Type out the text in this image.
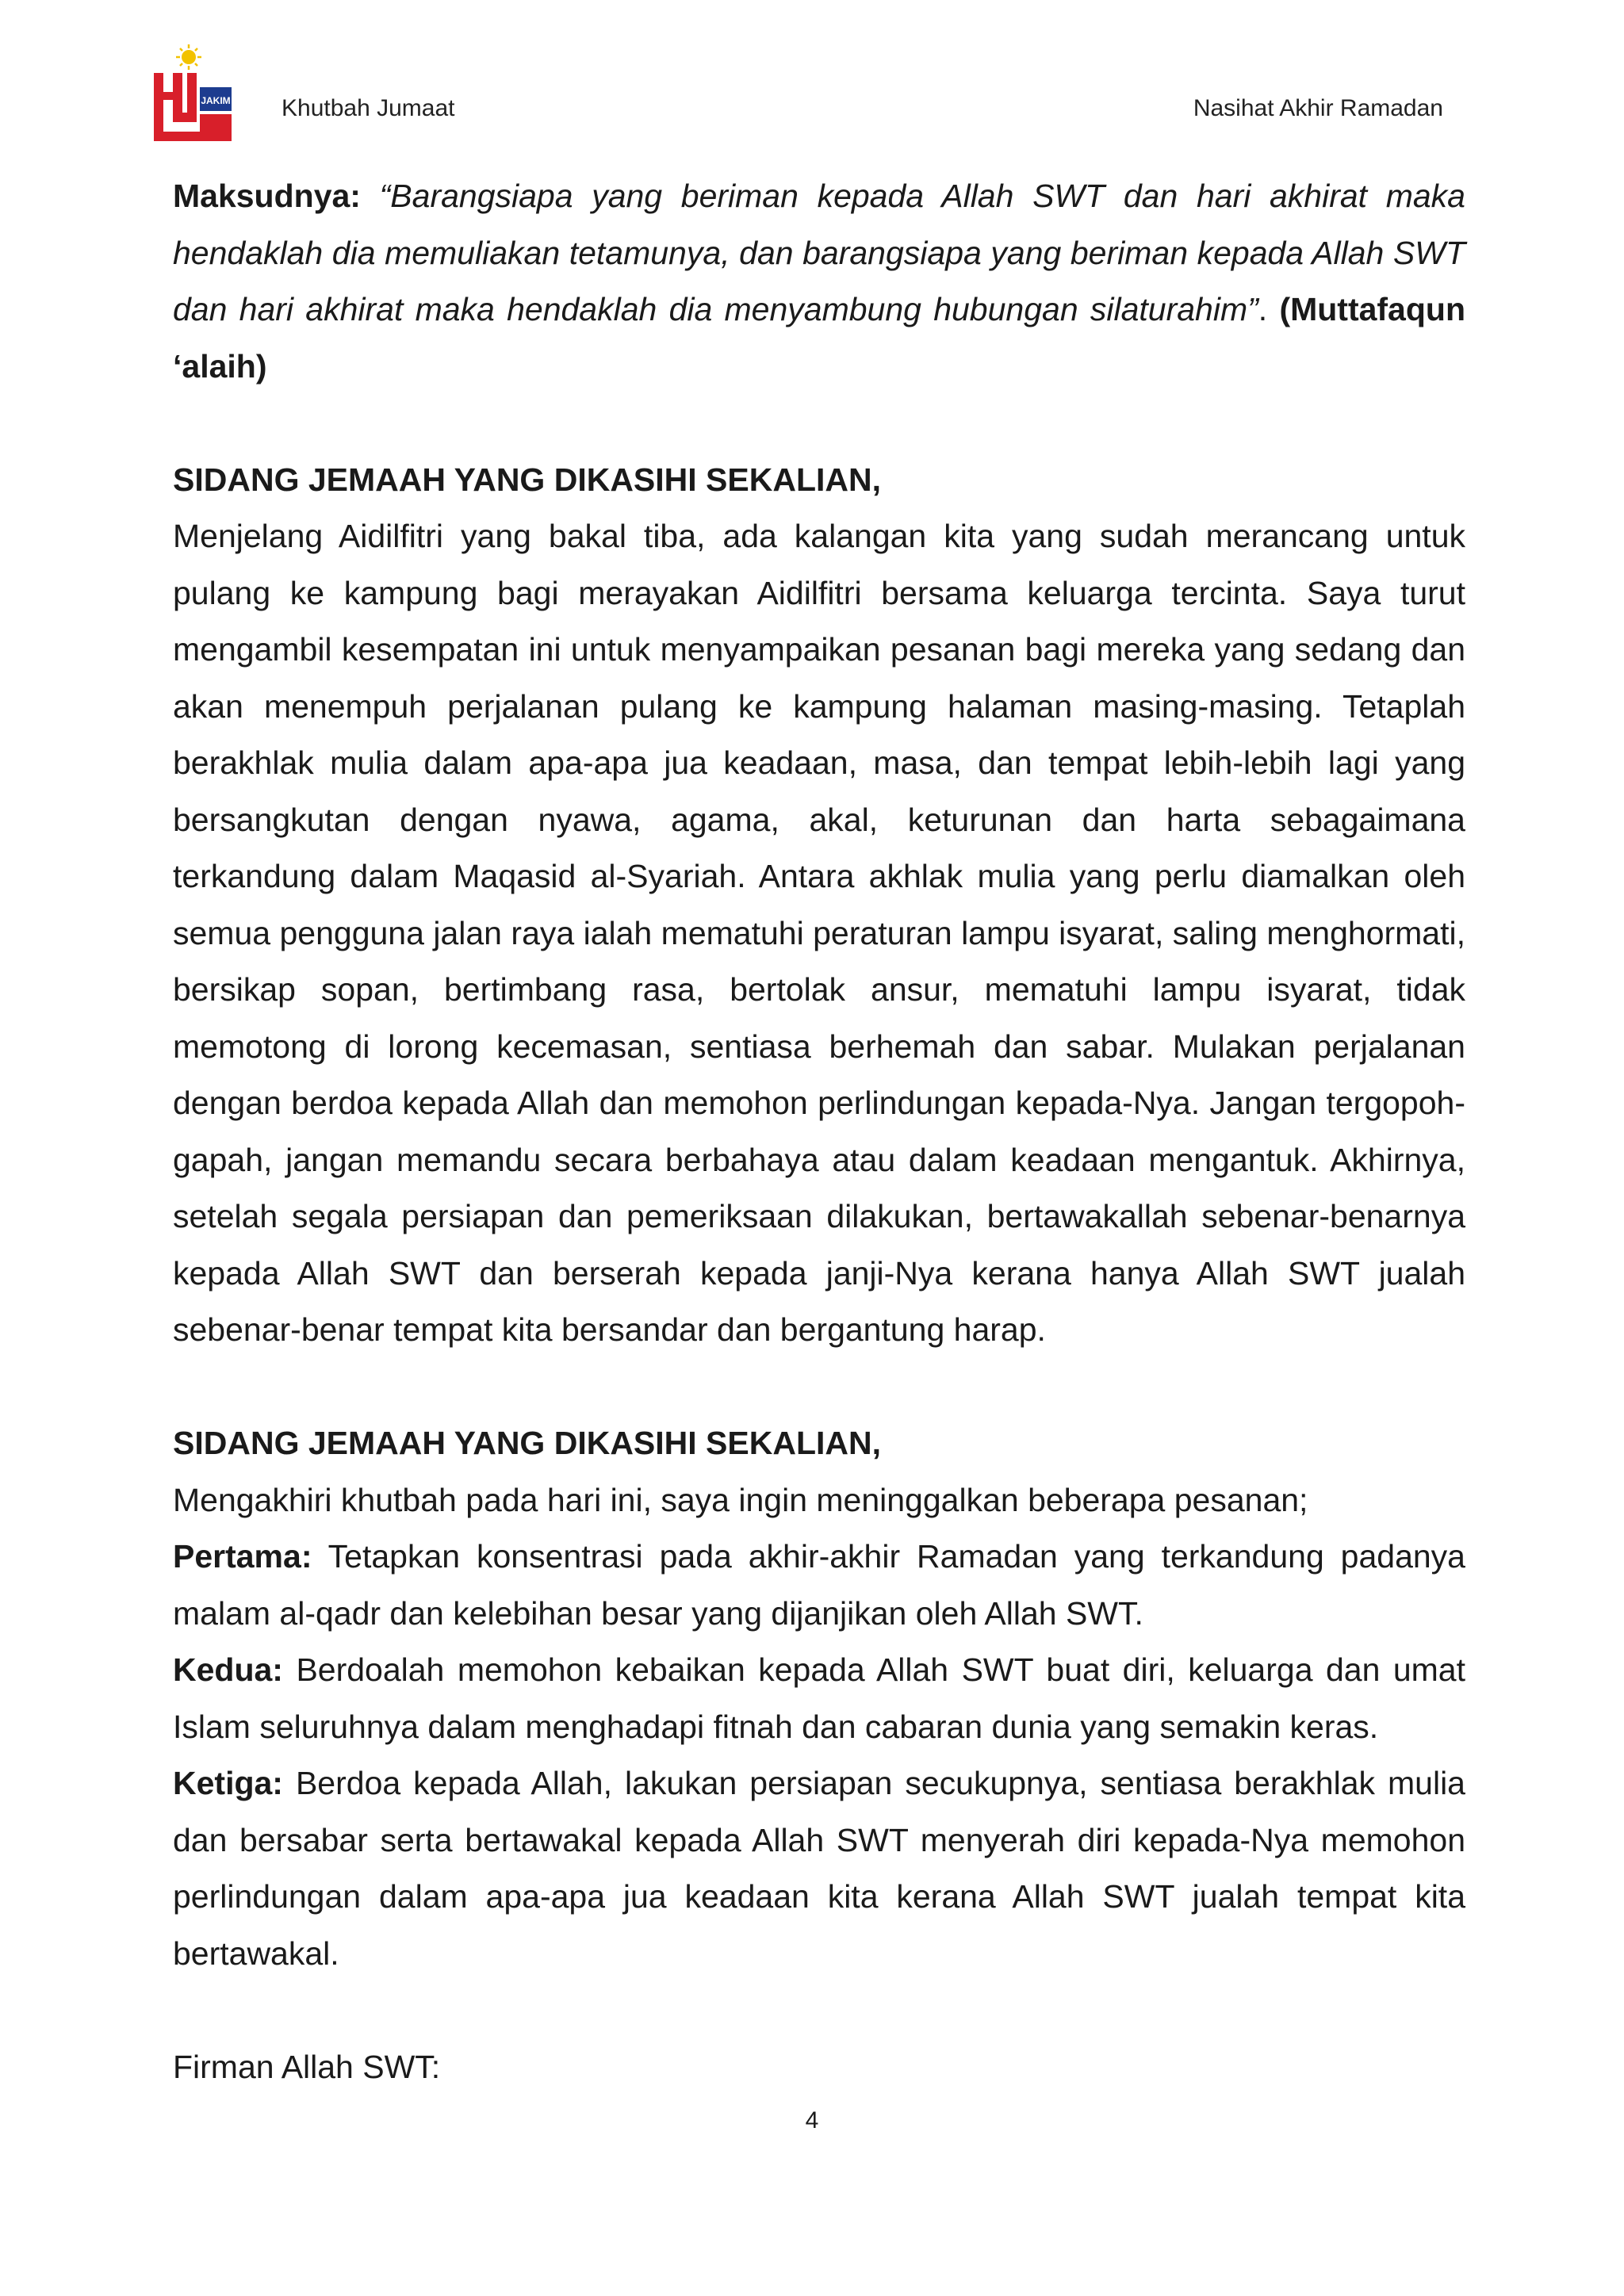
JAKIM Khutbah Jumaat	Nasihat Akhir Ramadan

Maksudnya: “Barangsiapa yang beriman kepada Allah SWT dan hari akhirat maka hendaklah dia memuliakan tetamunya, dan barangsiapa yang beriman kepada Allah SWT dan hari akhirat maka hendaklah dia menyambung hubungan silaturahim”. (Muttafaqun ‘alaih)

SIDANG JEMAAH YANG DIKASIHI SEKALIAN,

Menjelang Aidilfitri yang bakal tiba, ada kalangan kita yang sudah merancang untuk pulang ke kampung bagi merayakan Aidilfitri bersama keluarga tercinta. Saya turut mengambil kesempatan ini untuk menyampaikan pesanan bagi mereka yang sedang dan akan menempuh perjalanan pulang ke kampung halaman masing-masing. Tetaplah berakhlak mulia dalam apa-apa jua keadaan, masa, dan tempat lebih-lebih lagi yang bersangkutan dengan nyawa, agama, akal, keturunan dan harta sebagaimana terkandung dalam Maqasid al-Syariah. Antara akhlak mulia yang perlu diamalkan oleh semua pengguna jalan raya ialah mematuhi peraturan lampu isyarat, saling menghormati, bersikap sopan, bertimbang rasa, bertolak ansur, mematuhi lampu isyarat, tidak memotong di lorong kecemasan, sentiasa berhemah dan sabar. Mulakan perjalanan dengan berdoa kepada Allah dan memohon perlindungan kepada-Nya. Jangan tergopoh-gapah, jangan memandu secara berbahaya atau dalam keadaan mengantuk. Akhirnya, setelah segala persiapan dan pemeriksaan dilakukan, bertawakallah sebenar-benarnya kepada Allah SWT dan berserah kepada janji-Nya kerana hanya Allah SWT jualah sebenar-benar tempat kita bersandar dan bergantung harap.

SIDANG JEMAAH YANG DIKASIHI SEKALIAN,

Mengakhiri khutbah pada hari ini, saya ingin meninggalkan beberapa pesanan;

Pertama: Tetapkan konsentrasi pada akhir-akhir Ramadan yang terkandung padanya malam al-qadr dan kelebihan besar yang dijanjikan oleh Allah SWT.

Kedua: Berdoalah memohon kebaikan kepada Allah SWT buat diri, keluarga dan umat Islam seluruhnya dalam menghadapi fitnah dan cabaran dunia yang semakin keras.

Ketiga: Berdoa kepada Allah, lakukan persiapan secukupnya, sentiasa berakhlak mulia dan bersabar serta bertawakal kepada Allah SWT menyerah diri kepada-Nya memohon perlindungan dalam apa-apa jua keadaan kita kerana Allah SWT jualah tempat kita bertawakal.

Firman Allah SWT:

4
